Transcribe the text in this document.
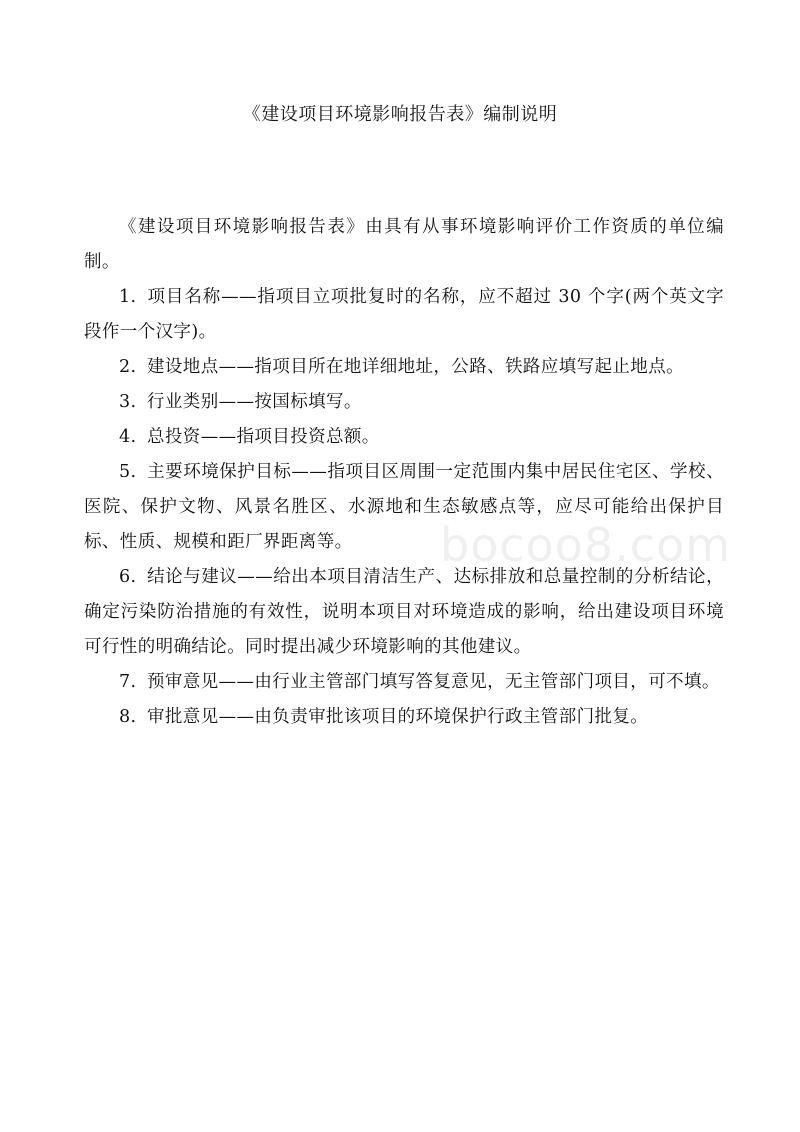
《建设项目环境影响报告表》编制说明

《建设项目环境影响报告表》由具有从事环境影响评价工作资质的单位编制。

1. 项目名称——指项目立项批复时的名称，应不超过 30 个字(两个英文字段作一个汉字)。
2. 建设地点——指项目所在地详细地址，公路、铁路应填写起止地点。
3. 行业类别——按国标填写。
4. 总投资——指项目投资总额。
5. 主要环境保护目标——指项目区周围一定范围内集中居民住宅区、学校、医院、保护文物、风景名胜区、水源地和生态敏感点等，应尽可能给出保护目标、性质、规模和距厂界距离等。
6. 结论与建议——给出本项目清洁生产、达标排放和总量控制的分析结论，确定污染防治措施的有效性，说明本项目对环境造成的影响，给出建设项目环境可行性的明确结论。同时提出减少环境影响的其他建议。
7. 预审意见——由行业主管部门填写答复意见，无主管部门项目，可不填。
8. 审批意见——由负责审批该项目的环境保护行政主管部门批复。
bocoo8.com
